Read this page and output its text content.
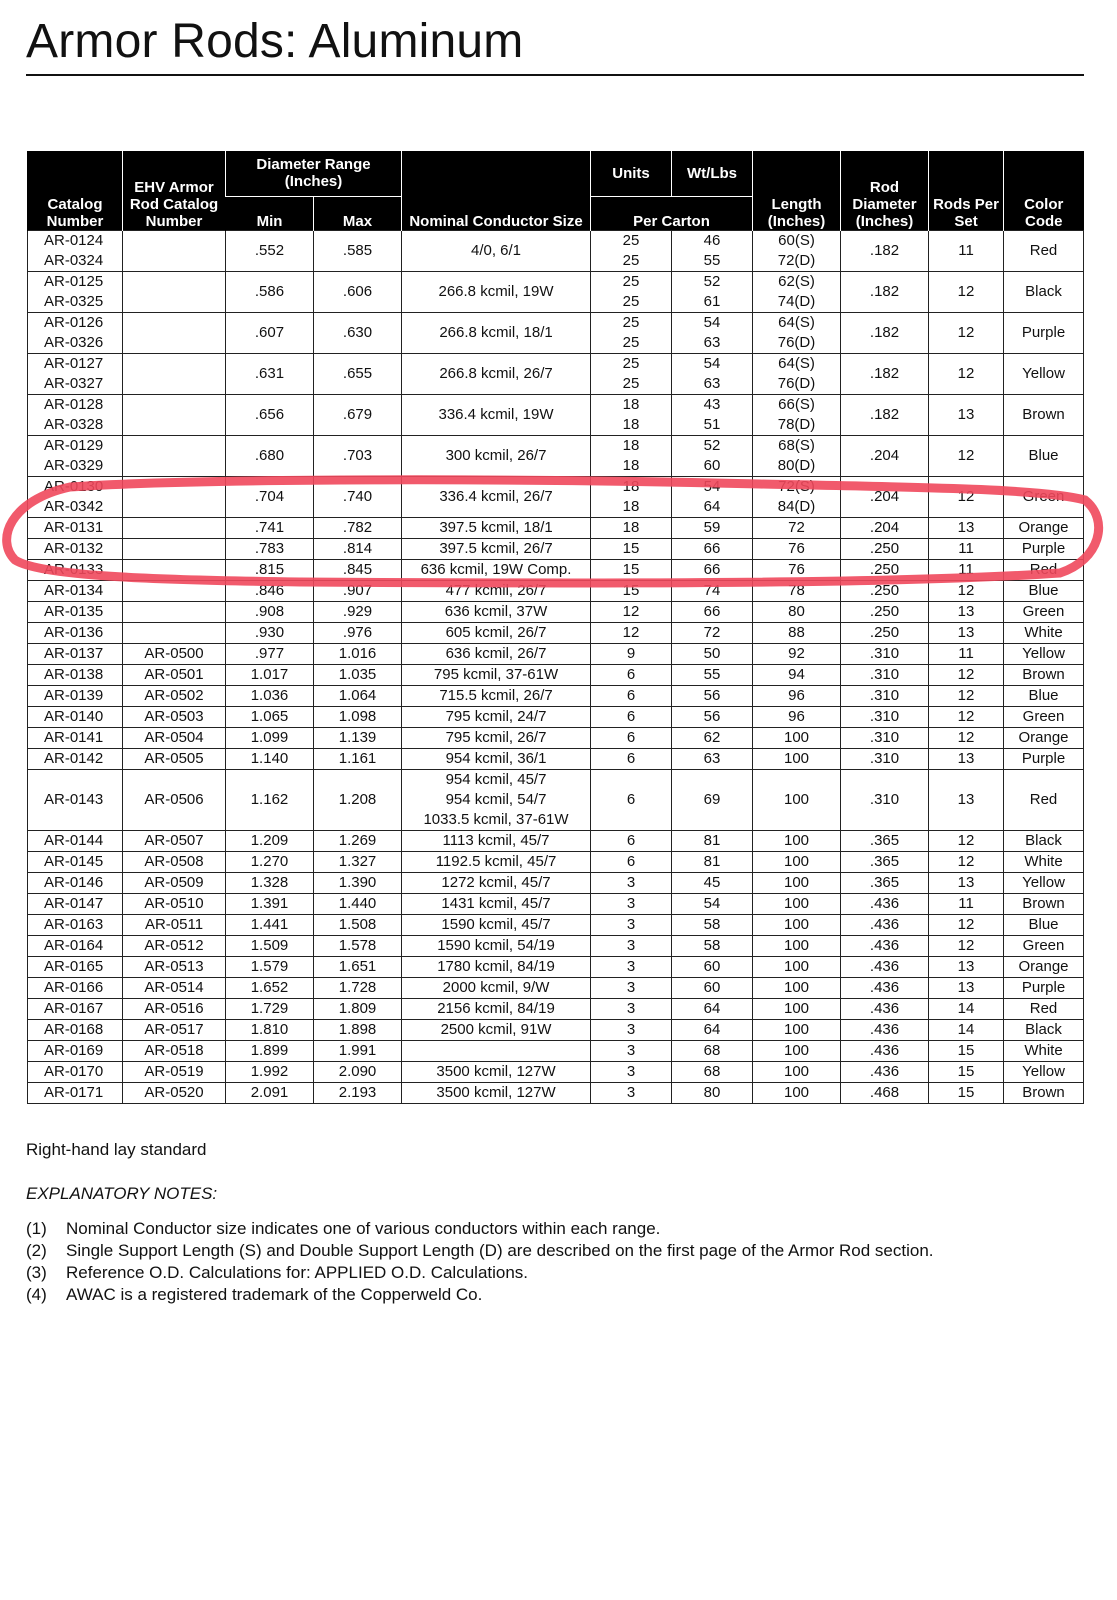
Armor Rods: Aluminum
Catalog Number	EHV Armor Rod Catalog Number	Diameter Range (Inches)		Nominal Conductor Size	Units	Wt/Lbs	Length (Inches)	Rod Diameter (Inches)	Rods Per Set	Color Code
		Min	Max		Per Carton					
AR-0124		.552	.585	4/0, 6/1	25	46	60(S)	.182	11	Red
AR-0324					25	55	72(D)			
AR-0125		.586	.606	266.8 kcmil, 19W	25	52	62(S)	.182	12	Black
AR-0325					25	61	74(D)			
AR-0126		.607	.630	266.8 kcmil, 18/1	25	54	64(S)	.182	12	Purple
AR-0326					25	63	76(D)			
AR-0127		.631	.655	266.8 kcmil, 26/7	25	54	64(S)	.182	12	Yellow
AR-0327					25	63	76(D)			
AR-0128		.656	.679	336.4 kcmil, 19W	18	43	66(S)	.182	13	Brown
AR-0328					18	51	78(D)			
AR-0129		.680	.703	300 kcmil, 26/7	18	52	68(S)	.204	12	Blue
AR-0329					18	60	80(D)			
AR-0130		.704	.740	336.4 kcmil, 26/7	18	54	72(S)	.204	12	Green
AR-0342					18	64	84(D)			
AR-0131		.741	.782	397.5 kcmil, 18/1	18	59	72	.204	13	Orange
AR-0132		.783	.814	397.5 kcmil, 26/7	15	66	76	.250	11	Purple
AR-0133		.815	.845	636 kcmil, 19W Comp.	15	66	76	.250	11	Red
AR-0134		.846	.907	477 kcmil, 26/7	15	74	78	.250	12	Blue
AR-0135		.908	.929	636 kcmil, 37W	12	66	80	.250	13	Green
AR-0136		.930	.976	605 kcmil, 26/7	12	72	88	.250	13	White
AR-0137	AR-0500	.977	1.016	636 kcmil, 26/7	9	50	92	.310	11	Yellow
AR-0138	AR-0501	1.017	1.035	795 kcmil, 37-61W	6	55	94	.310	12	Brown
AR-0139	AR-0502	1.036	1.064	715.5 kcmil, 26/7	6	56	96	.310	12	Blue
AR-0140	AR-0503	1.065	1.098	795 kcmil, 24/7	6	56	96	.310	12	Green
AR-0141	AR-0504	1.099	1.139	795 kcmil, 26/7	6	62	100	.310	12	Orange
AR-0142	AR-0505	1.140	1.161	954 kcmil, 36/1	6	63	100	.310	13	Purple
AR-0143	AR-0506	1.162	1.208	954 kcmil, 45/7
954 kcmil, 54/7
1033.5 kcmil, 37-61W	6	69	100	.310	13	Red
AR-0144	AR-0507	1.209	1.269	1113 kcmil, 45/7	6	81	100	.365	12	Black
AR-0145	AR-0508	1.270	1.327	1192.5 kcmil, 45/7	6	81	100	.365	12	White
AR-0146	AR-0509	1.328	1.390	1272 kcmil, 45/7	3	45	100	.365	13	Yellow
AR-0147	AR-0510	1.391	1.440	1431 kcmil, 45/7	3	54	100	.436	11	Brown
AR-0163	AR-0511	1.441	1.508	1590 kcmil, 45/7	3	58	100	.436	12	Blue
AR-0164	AR-0512	1.509	1.578	1590 kcmil, 54/19	3	58	100	.436	12	Green
AR-0165	AR-0513	1.579	1.651	1780 kcmil, 84/19	3	60	100	.436	13	Orange
AR-0166	AR-0514	1.652	1.728	2000 kcmil, 9/W	3	60	100	.436	13	Purple
AR-0167	AR-0516	1.729	1.809	2156 kcmil, 84/19	3	64	100	.436	14	Red
AR-0168	AR-0517	1.810	1.898	2500 kcmil, 91W	3	64	100	.436	14	Black
AR-0169	AR-0518	1.899	1.991		3	68	100	.436	15	White
AR-0170	AR-0519	1.992	2.090	3500 kcmil, 127W	3	68	100	.436	15	Yellow
AR-0171	AR-0520	2.091	2.193	3500 kcmil, 127W	3	80	100	.468	15	Brown

Right-hand lay standard

EXPLANATORY NOTES:

(1)	Nominal Conductor size indicates one of various conductors within each range.
(2)	Single Support Length (S) and Double Support Length (D) are described on the first page of the Armor Rod section.
(3)	Reference O.D. Calculations for: APPLIED O.D. Calculations.
(4)	AWAC is a registered trademark of the Copperweld Co.
